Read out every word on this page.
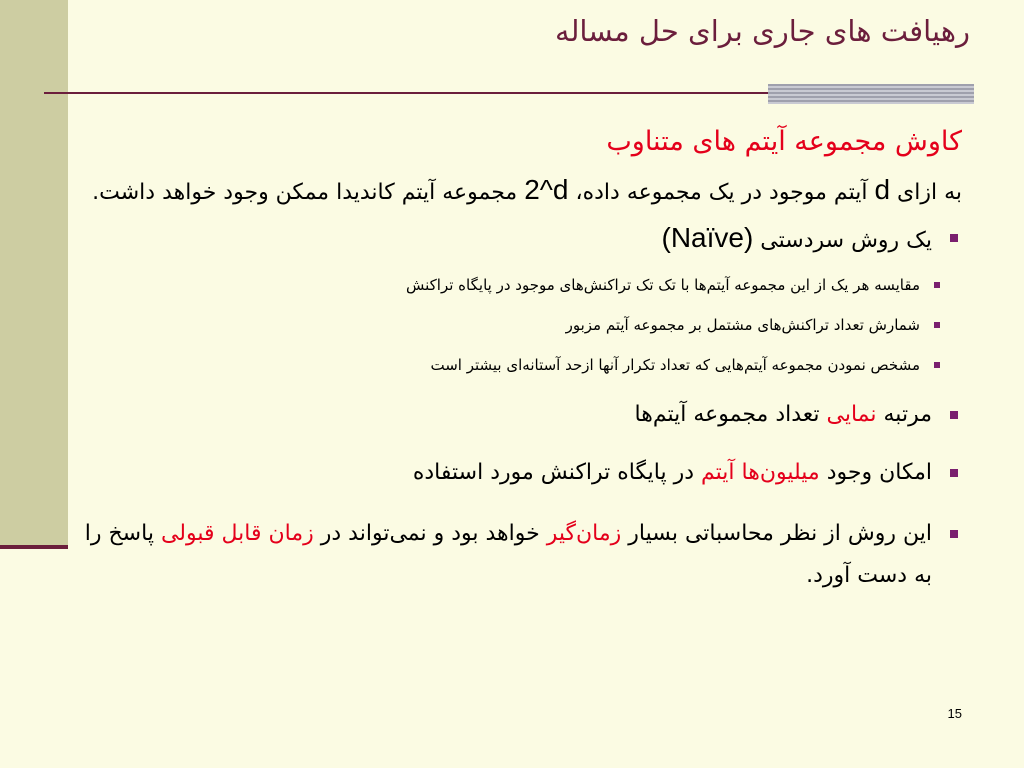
رهیافت های جاری برای حل مساله
کاوش مجموعه آیتم های متناوب
به ازای d آیتم موجود در یک مجموعه داده، 2^d مجموعه آیتم کاندیدا ممکن وجود خواهد داشت.
یک روش سردستی (Naïve)
مقایسه هر یک از این مجموعه آیتم‌ها با تک تک تراکنش‌های موجود در پایگاه تراکنش
شمارش تعداد تراکنش‌های مشتمل بر مجموعه آیتم مزبور
مشخص نمودن مجموعه آیتم‌هایی که تعداد تکرار آنها ازحد آستانه‌ای بیشتر است
مرتبه نمایی تعداد مجموعه آیتم‌ها
امکان وجود میلیون‌ها آیتم در پایگاه تراکنش مورد استفاده
این روش از نظر محاسباتی بسیار زمان‌گیر خواهد بود و نمی‌تواند در زمان قابل قبولی پاسخ را به دست آورد.
15
